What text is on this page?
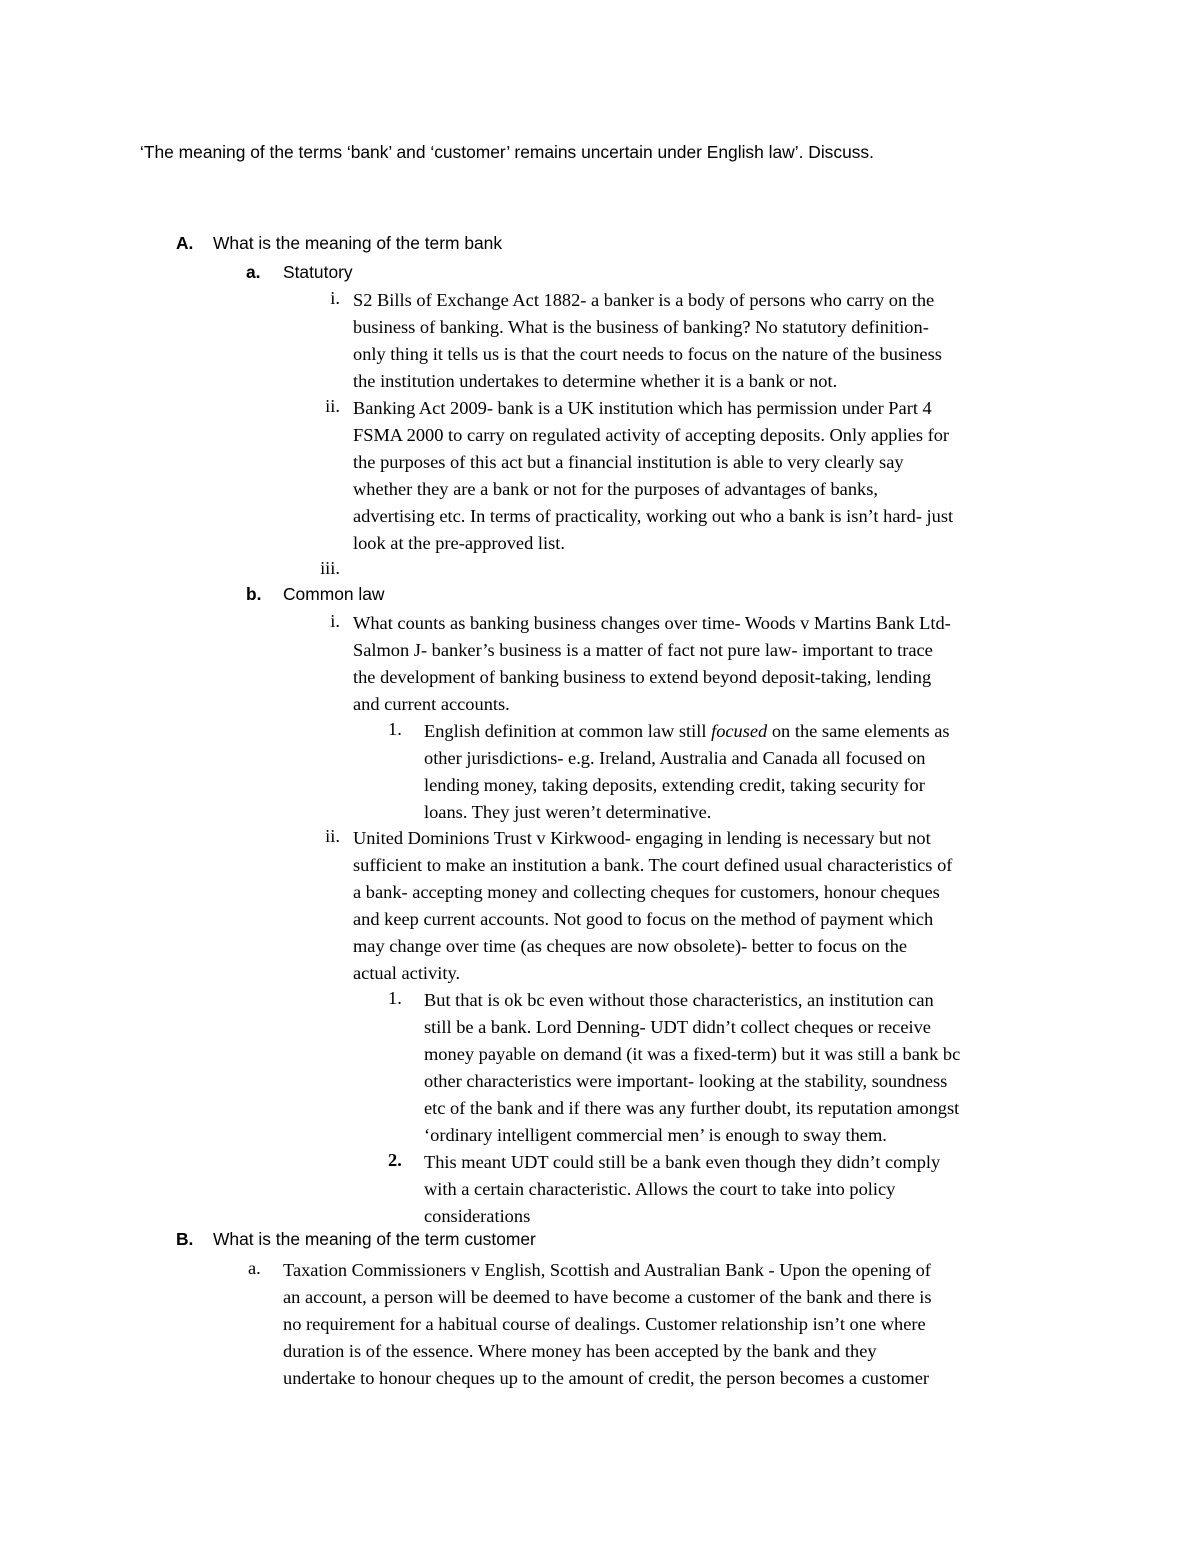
‘The meaning of the terms ‘bank’ and ‘customer’ remains uncertain under English law’. Discuss.

A. What is the meaning of the term bank
a. Statutory
i. S2 Bills of Exchange Act 1882- a banker is a body of persons who carry on the
business of banking. What is the business of banking? No statutory definition-
only thing it tells us is that the court needs to focus on the nature of the business
the institution undertakes to determine whether it is a bank or not.
ii. Banking Act 2009- bank is a UK institution which has permission under Part 4
FSMA 2000 to carry on regulated activity of accepting deposits. Only applies for
the purposes of this act but a financial institution is able to very clearly say
whether they are a bank or not for the purposes of advantages of banks,
advertising etc. In terms of practicality, working out who a bank is isn’t hard- just
look at the pre-approved list.
iii.
b. Common law
i. What counts as banking business changes over time- Woods v Martins Bank Ltd-
Salmon J- banker’s business is a matter of fact not pure law- important to trace
the development of banking business to extend beyond deposit-taking, lending
and current accounts.
1. English definition at common law still focused on the same elements as
other jurisdictions- e.g. Ireland, Australia and Canada all focused on
lending money, taking deposits, extending credit, taking security for
loans. They just weren’t determinative.
ii. United Dominions Trust v Kirkwood- engaging in lending is necessary but not
sufficient to make an institution a bank. The court defined usual characteristics of
a bank- accepting money and collecting cheques for customers, honour cheques
and keep current accounts. Not good to focus on the method of payment which
may change over time (as cheques are now obsolete)- better to focus on the
actual activity.
1. But that is ok bc even without those characteristics, an institution can
still be a bank. Lord Denning- UDT didn’t collect cheques or receive
money payable on demand (it was a fixed-term) but it was still a bank bc
other characteristics were important- looking at the stability, soundness
etc of the bank and if there was any further doubt, its reputation amongst
‘ordinary intelligent commercial men’ is enough to sway them.
2. This meant UDT could still be a bank even though they didn’t comply
with a certain characteristic. Allows the court to take into policy
considerations
B. What is the meaning of the term customer
a. Taxation Commissioners v English, Scottish and Australian Bank - Upon the opening of
an account, a person will be deemed to have become a customer of the bank and there is
no requirement for a habitual course of dealings. Customer relationship isn’t one where
duration is of the essence. Where money has been accepted by the bank and they
undertake to honour cheques up to the amount of credit, the person becomes a customer
